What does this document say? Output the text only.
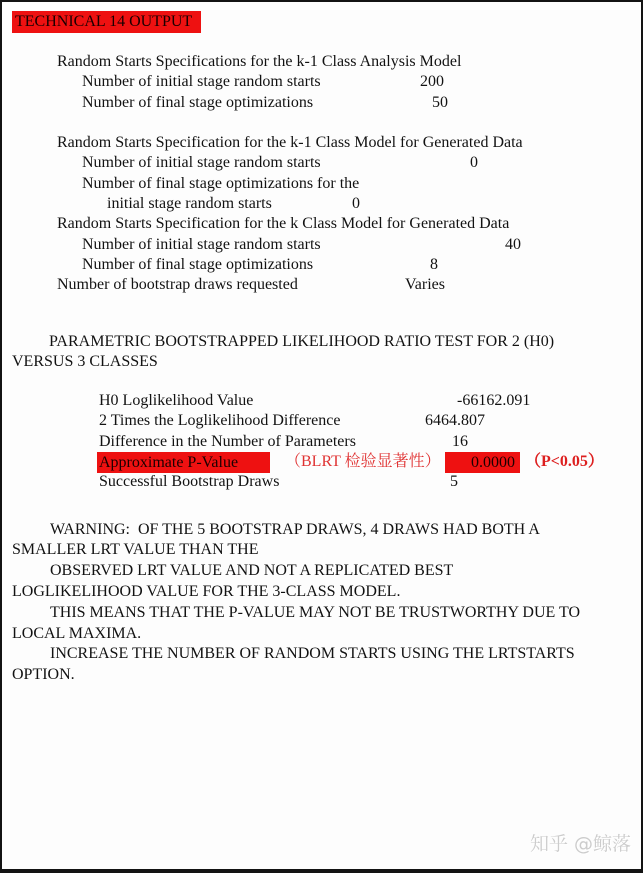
TECHNICAL 14 OUTPUT
Random Starts Specifications for the k-1 Class Analysis Model
Number of initial stage random starts	200
Number of final stage optimizations	50
Random Starts Specification for the k-1 Class Model for Generated Data
Number of initial stage random starts	0
Number of final stage optimizations for the
initial stage random starts	0
Random Starts Specification for the k Class Model for Generated Data
Number of initial stage random starts	40
Number of final stage optimizations	8
Number of bootstrap draws requested	Varies
PARAMETRIC BOOTSTRAPPED LIKELIHOOD RATIO TEST FOR 2 (H0)
VERSUS 3 CLASSES
H0 Loglikelihood Value	-66162.091
2 Times the Loglikelihood Difference	6464.807
Difference in the Number of Parameters	16
Approximate P-Value	（BLRT 检验显著性）	0.0000 （P<0.05）
Successful Bootstrap Draws	5
WARNING:  OF THE 5 BOOTSTRAP DRAWS, 4 DRAWS HAD BOTH A
SMALLER LRT VALUE THAN THE
OBSERVED LRT VALUE AND NOT A REPLICATED BEST
LOGLIKELIHOOD VALUE FOR THE 3-CLASS MODEL.
THIS MEANS THAT THE P-VALUE MAY NOT BE TRUSTWORTHY DUE TO
LOCAL MAXIMA.
INCREASE THE NUMBER OF RANDOM STARTS USING THE LRTSTARTS
OPTION.
知乎 @鲸落
